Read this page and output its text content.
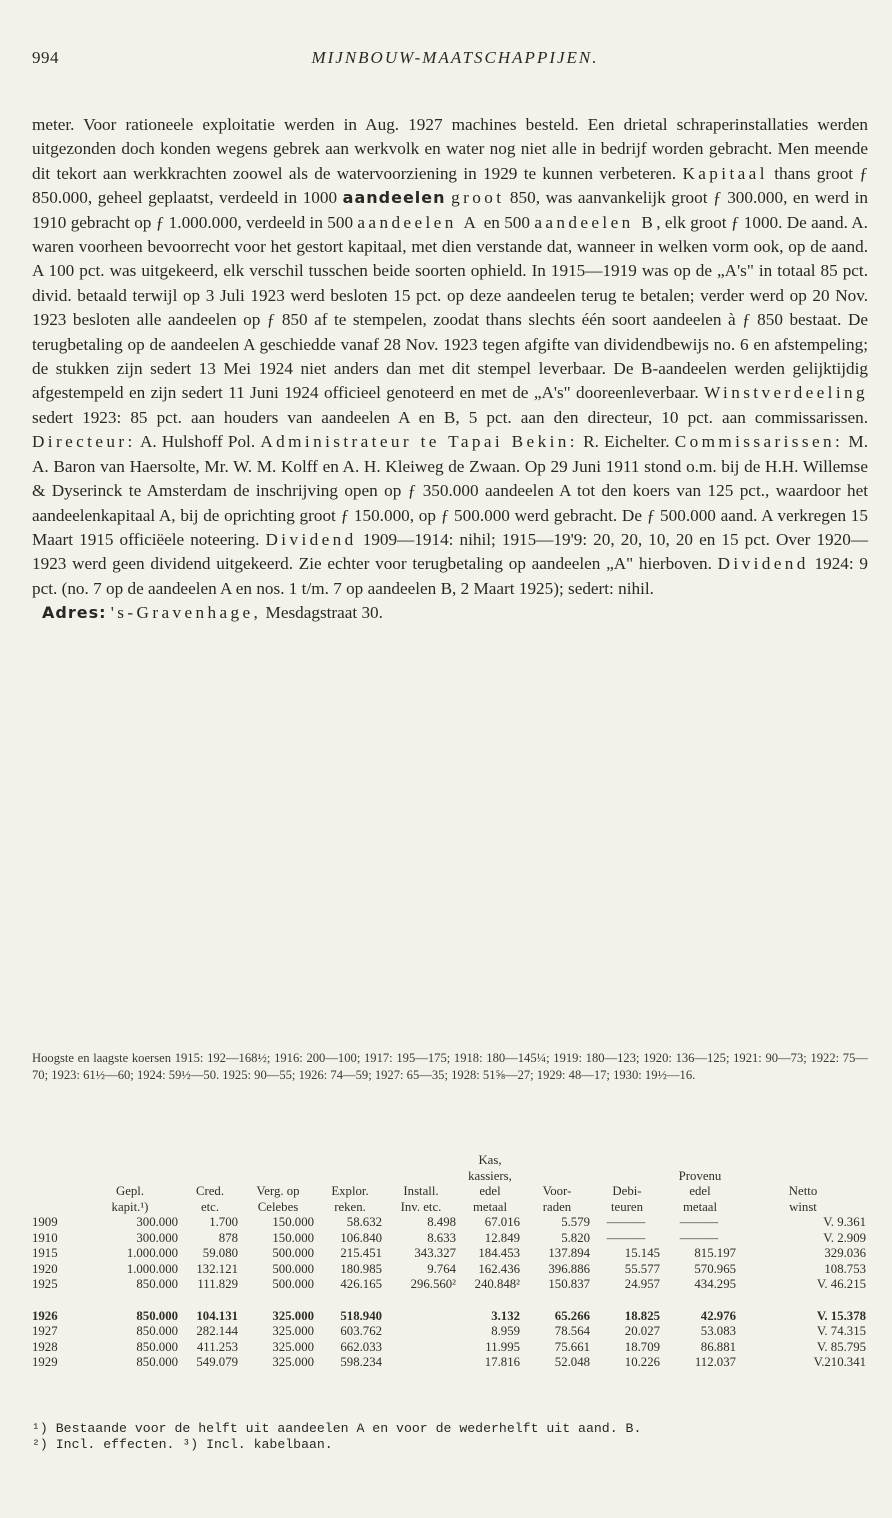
994	MIJNBOUW-MAATSCHAPPIJEN.

meter. Voor rationeele exploitatie werden in Aug. 1927 machines besteld. Een drietal schraperinstallaties werden uitgezonden doch konden wegens gebrek aan werkvolk en water nog niet alle in bedrijf worden gebracht. Men meende dit tekort aan werkkrachten zoowel als de watervoorziening in 1929 te kunnen verbeteren. Kapitaal thans groot ƒ 850.000, geheel geplaatst, verdeeld in 1000 aandeelen groot 850, was aanvankelijk groot ƒ 300.000, en werd in 1910 gebracht op ƒ 1.000.000, verdeeld in 500 aandeelen A en 500 aandeelen B, elk groot ƒ 1000. De aand. A. waren voorheen bevoorrecht voor het gestort kapitaal, met dien verstande dat, wanneer in welken vorm ook, op de aand. A 100 pct. was uitgekeerd, elk verschil tusschen beide soorten ophield. In 1915—1919 was op de „A's" in totaal 85 pct. divid. betaald terwijl op 3 Juli 1923 werd besloten 15 pct. op deze aandeelen terug te betalen; verder werd op 20 Nov. 1923 besloten alle aandeelen op ƒ 850 af te stempelen, zoodat thans slechts één soort aandeelen à ƒ 850 bestaat. De terugbetaling op de aandeelen A geschiedde vanaf 28 Nov. 1923 tegen afgifte van dividendbewijs no. 6 en afstempeling; de stukken zijn sedert 13 Mei 1924 niet anders dan met dit stempel leverbaar. De B-aandeelen werden gelijktijdig afgestempeld en zijn sedert 11 Juni 1924 officieel genoteerd en met de „A's" dooreenleverbaar. Winstverdeeling sedert 1923: 85 pct. aan houders van aandeelen A en B, 5 pct. aan den directeur, 10 pct. aan commissarissen. Directeur: A. Hulshoff Pol. Administrateur te Tapai Bekin: R. Eichelter. Commissarissen: M. A. Baron van Haersolte, Mr. W. M. Kolff en A. H. Kleiweg de Zwaan. Op 29 Juni 1911 stond o.m. bij de H.H. Willemse & Dyserinck te Amsterdam de inschrijving open op ƒ 350.000 aandeelen A tot den koers van 125 pct., waardoor het aandeelenkapitaal A, bij de oprichting groot ƒ 150.000, op ƒ 500.000 werd gebracht. De ƒ 500.000 aand. A verkregen 15 Maart 1915 officiëele noteering. Dividend 1909—1914: nihil; 1915—19'9: 20, 20, 10, 20 en 15 pct. Over 1920—1923 werd geen dividend uitgekeerd. Zie echter voor terugbetaling op aandeelen „A" hierboven. Dividend 1924: 9 pct. (no. 7 op de aandeelen A en nos. 1 t/m. 7 op aandeelen B, 2 Maart 1925); sedert: nihil.

Adres: 's-Gravenhage, Mesdagstraat 30.

Hoogste en laagste koersen 1915: 192—168½; 1916: 200—100; 1917: 195—175; 1918: 180—145¼; 1919: 180—123; 1920: 136—125; 1921: 90—73; 1922: 75—70; 1923: 61½—60; 1924: 59½—50. 1925: 90—55; 1926: 74—59; 1927: 65—35; 1928: 51⅝—27; 1929: 48—17; 1930: 19½—16.

						Kas,				
						kassiers,			Provenu	
	Gepl.	Cred.	Verg. op	Explor.	Install.	edel	Voor-	Debi-	edel	Netto
	kapit.¹)	etc.	Celebes	reken.	Inv. etc.	metaal	raden	teuren	metaal	winst
1909	300.000	1.700	150.000	58.632	8.498	67.016	5.579	———	———	V. 9.361
1910	300.000	878	150.000	106.840	8.633	12.849	5.820	———	———	V. 2.909
1915	1.000.000	59.080	500.000	215.451	343.327	184.453	137.894	15.145	815.197	329.036
1920	1.000.000	132.121	500.000	180.985	9.764	162.436	396.886	55.577	570.965	108.753
1925	850.000	111.829	500.000	426.165	296.560²	240.848²	150.837	24.957	434.295	V. 46.215

1926	850.000	104.131	325.000	518.940		3.132	65.266	18.825	42.976	V. 15.378
1927	850.000	282.144	325.000	603.762		8.959	78.564	20.027	53.083	V. 74.315
1928	850.000	411.253	325.000	662.033		11.995	75.661	18.709	86.881	V. 85.795
1929	850.000	549.079	325.000	598.234		17.816	52.048	10.226	112.037	V.210.341

¹) Bestaande voor de helft uit aandeelen A en voor de wederhelft uit aand. B.

²) Incl. effecten. ³) Incl. kabelbaan.
